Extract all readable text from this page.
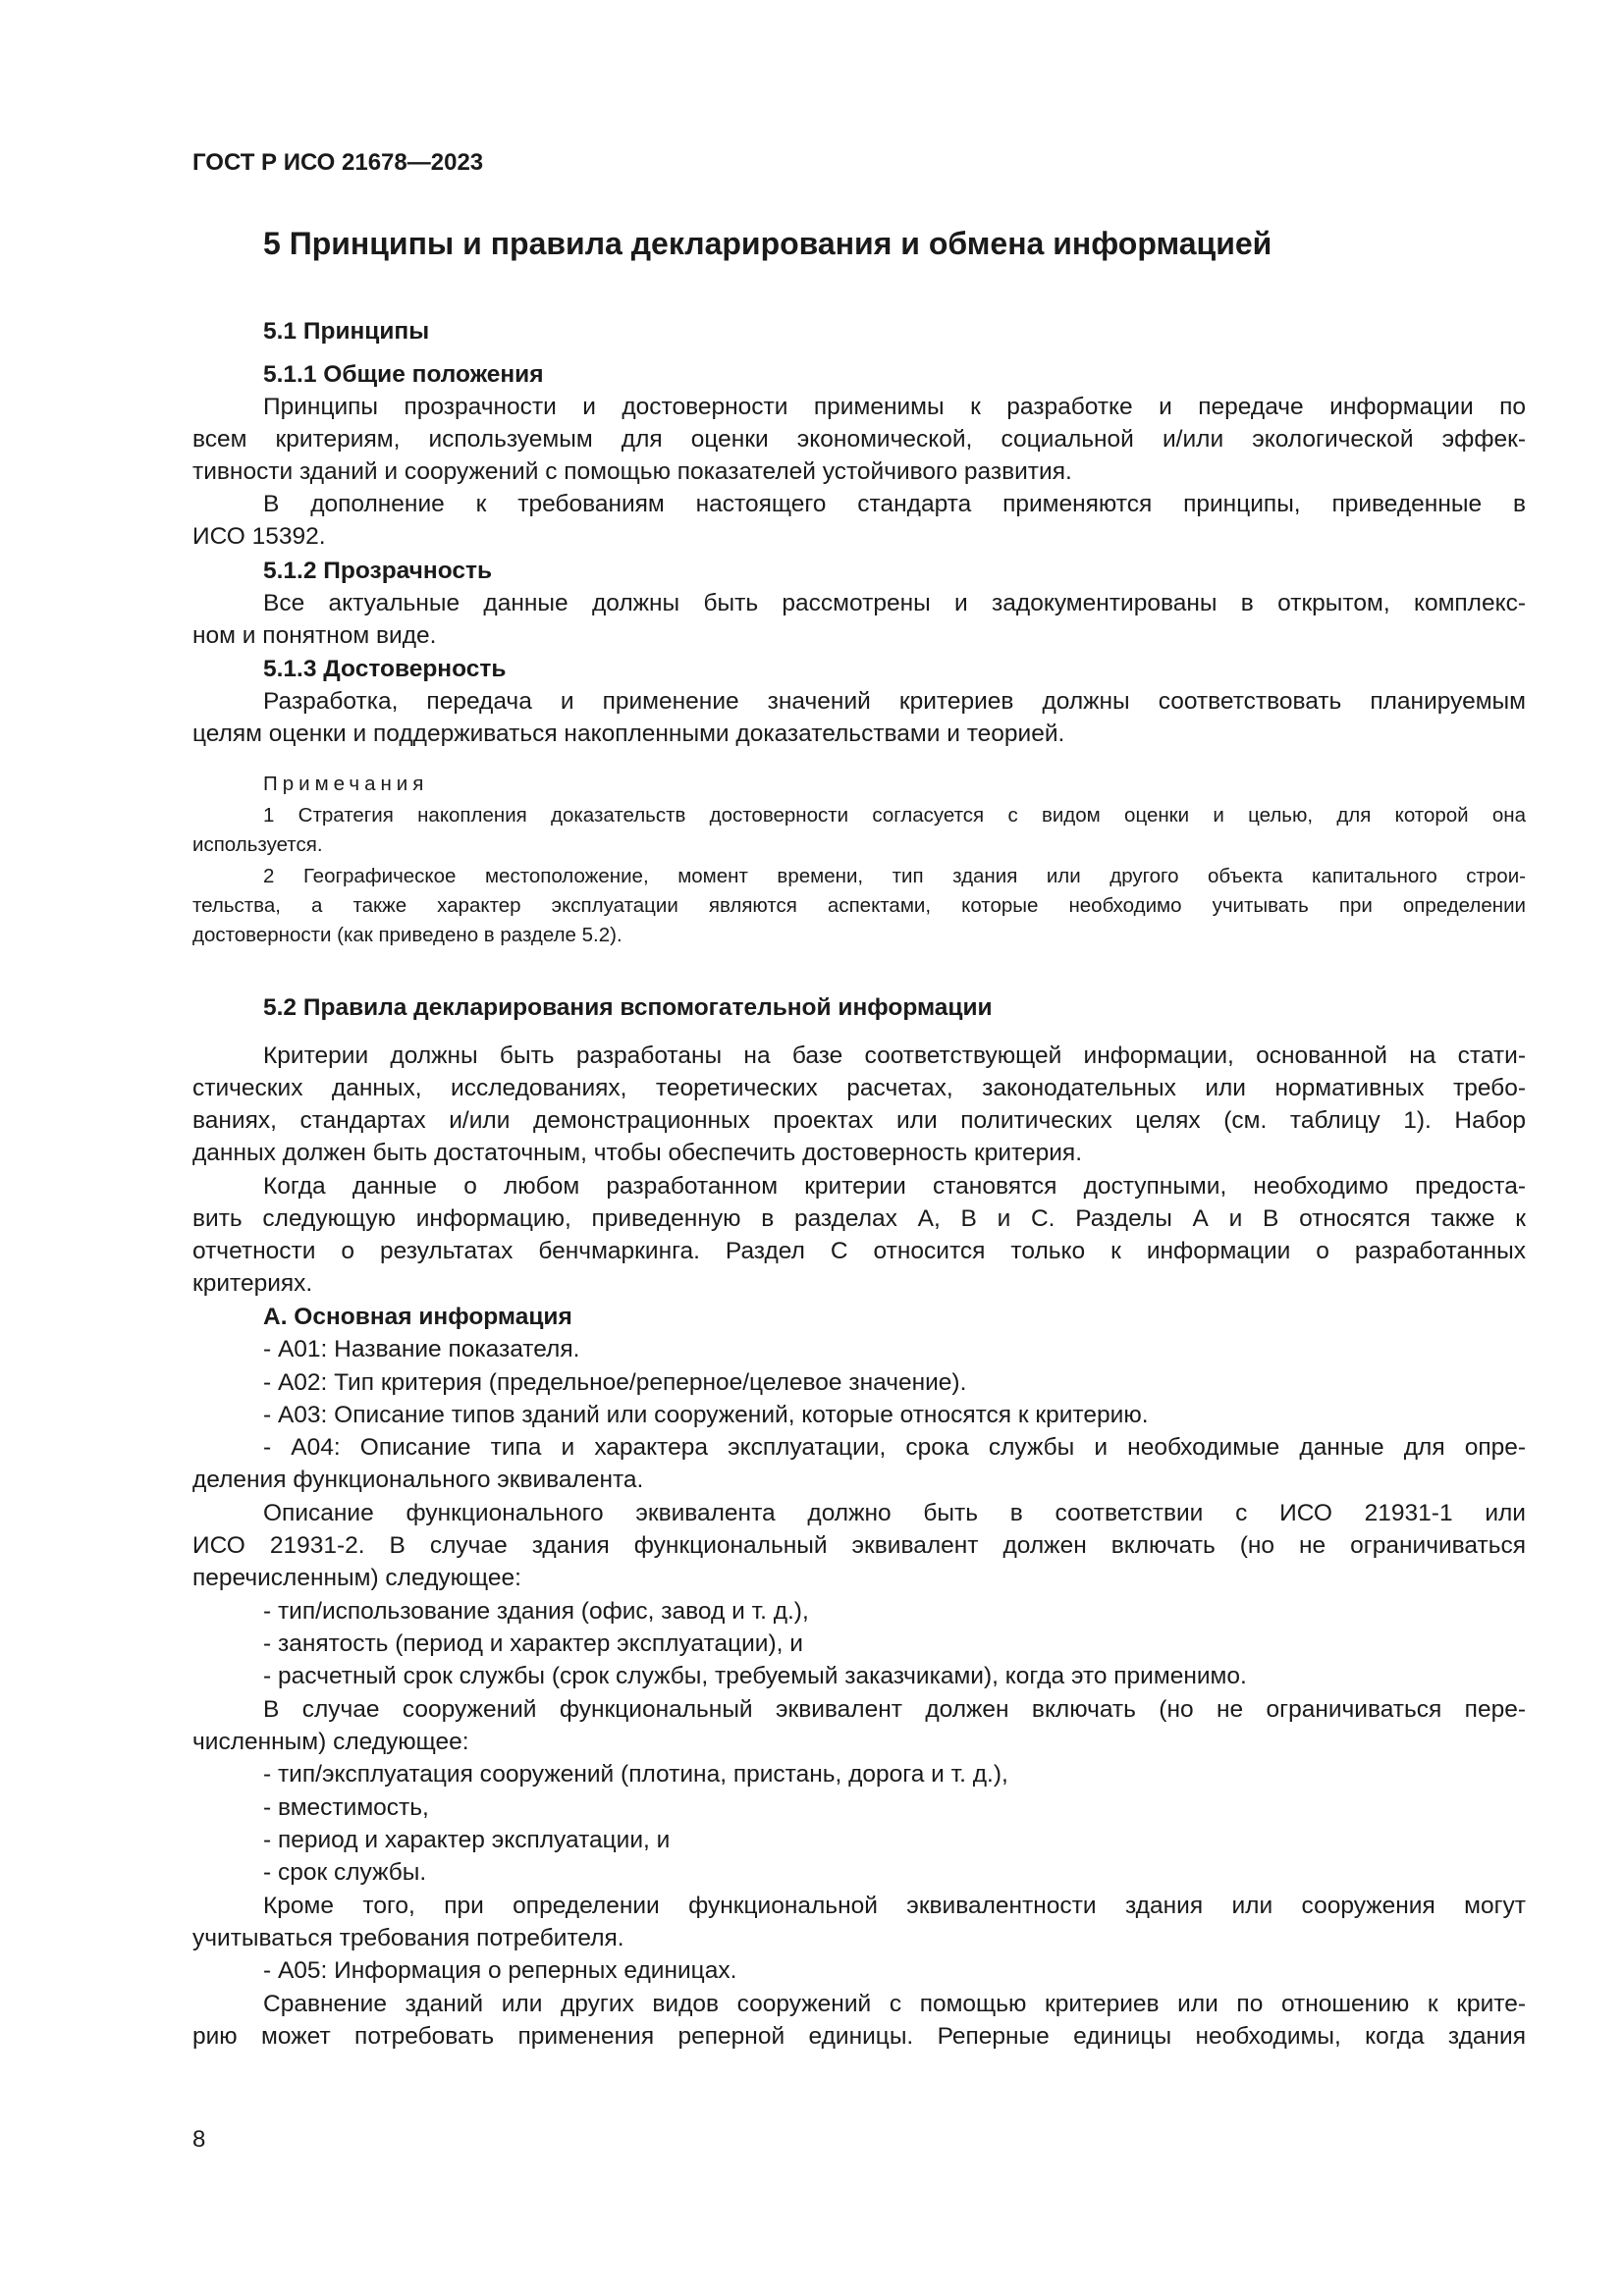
ГОСТ Р ИСО 21678—2023
5 Принципы и правила декларирования и обмена информацией
5.1 Принципы
5.1.1 Общие положения
Принципы прозрачности и достоверности применимы к разработке и передаче информации по
всем критериям, используемым для оценки экономической, социальной и/или экологической эффек-
тивности зданий и сооружений с помощью показателей устойчивого развития.
В дополнение к требованиям настоящего стандарта применяются принципы, приведенные в
ИСО 15392.
5.1.2 Прозрачность
Все актуальные данные должны быть рассмотрены и задокументированы в открытом, комплекс-
ном и понятном виде.
5.1.3 Достоверность
Разработка, передача и применение значений критериев должны соответствовать планируемым
целям оценки и поддерживаться накопленными доказательствами и теорией.
Примечания
1 Стратегия накопления доказательств достоверности согласуется с видом оценки и целью, для которой она
используется.
2 Географическое местоположение, момент времени, тип здания или другого объекта капитального строи-
тельства, а также характер эксплуатации являются аспектами, которые необходимо учитывать при определении
достоверности (как приведено в разделе 5.2).
5.2 Правила декларирования вспомогательной информации
Критерии должны быть разработаны на базе соответствующей информации, основанной на стати-
стических данных, исследованиях, теоретических расчетах, законодательных или нормативных требо-
ваниях, стандартах и/или демонстрационных проектах или политических целях (см. таблицу 1). Набор
данных должен быть достаточным, чтобы обеспечить достоверность критерия.
Когда данные о любом разработанном критерии становятся доступными, необходимо предоста-
вить следующую информацию, приведенную в разделах А, В и С. Разделы А и В относятся также к
отчетности о результатах бенчмаркинга. Раздел С относится только к информации о разработанных
критериях.
А. Основная информация
- А01: Название показателя.
- А02: Тип критерия (предельное/реперное/целевое значение).
- А03: Описание типов зданий или сооружений, которые относятся к критерию.
- А04: Описание типа и характера эксплуатации, срока службы и необходимые данные для опре-
деления функционального эквивалента.
Описание функционального эквивалента должно быть в соответствии с ИСО 21931-1 или
ИСО 21931-2. В случае здания функциональный эквивалент должен включать (но не ограничиваться
перечисленным) следующее:
- тип/использование здания (офис, завод и т. д.),
- занятость (период и характер эксплуатации), и
- расчетный срок службы (срок службы, требуемый заказчиками), когда это применимо.
В случае сооружений функциональный эквивалент должен включать (но не ограничиваться пере-
численным) следующее:
- тип/эксплуатация сооружений (плотина, пристань, дорога и т. д.),
- вместимость,
- период и характер эксплуатации, и
- срок службы.
Кроме того, при определении функциональной эквивалентности здания или сооружения могут
учитываться требования потребителя.
- А05: Информация о реперных единицах.
Сравнение зданий или других видов сооружений с помощью критериев или по отношению к крите-
рию может потребовать применения реперной единицы. Реперные единицы необходимы, когда здания
8
